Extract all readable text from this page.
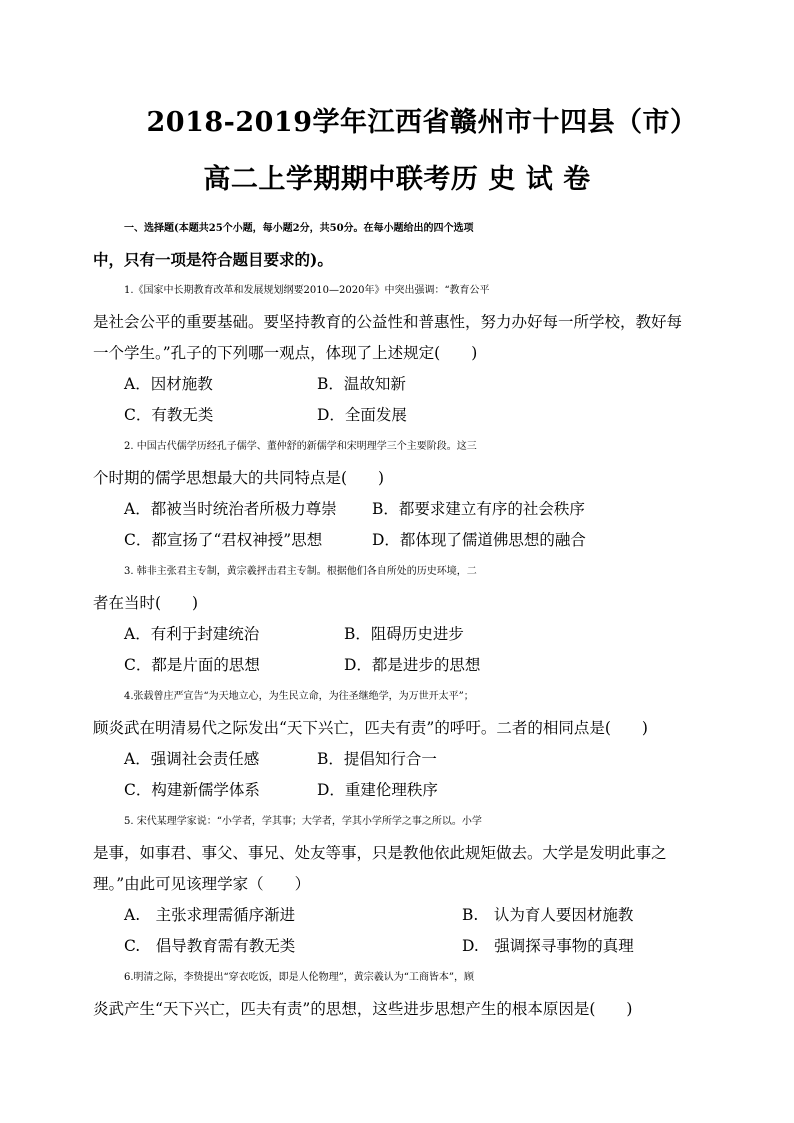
2018-2019学年江西省赣州市十四县（市）
高二上学期期中联考历 史 试 卷
一、选择题(本题共25个小题，每小题2分，共50分。在每小题给出的四个选项
中，只有一项是符合题目要求的)。
1.《国家中长期教育改革和发展规划纲要2010—2020年》中突出强调：“教育公平
是社会公平的重要基础。要坚持教育的公益性和普惠性，努力办好每一所学校，教好每
一个学生。”孔子的下列哪一观点，体现了上述规定(　　)
A．因材施教	B．温故知新
C．有教无类	D．全面发展
2. 中国古代儒学历经孔子儒学、董仲舒的新儒学和宋明理学三个主要阶段。这三
个时期的儒学思想最大的共同特点是(　　)
A．都被当时统治者所极力尊崇 B．都要求建立有序的社会秩序
C．都宣扬了“君权神授”思想	D．都体现了儒道佛思想的融合
3. 韩非主张君主专制，黄宗羲抨击君主专制。根据他们各自所处的历史环境，二
者在当时(　　)
A．有利于封建统治	B．阻碍历史进步
C．都是片面的思想	D．都是进步的思想
4.张载曾庄严宣告“为天地立心，为生民立命，为往圣继绝学，为万世开太平”；
顾炎武在明清易代之际发出“天下兴亡，匹夫有责”的呼吁。二者的相同点是(　　)
A．强调社会责任感	B．提倡知行合一
C．构建新儒学体系	D．重建伦理秩序
5. 宋代某理学家说：“小学者，学其事；大学者，学其小学所学之事之所以。小学
是事，如事君、事父、事兄、处友等事，只是教他依此规矩做去。大学是发明此事之
理。”由此可见该理学家（　　）
A.　主张求理需循序渐进	B.　认为育人要因材施教
C.　倡导教育需有教无类	D.　强调探寻事物的真理
6.明清之际，李贽提出“穿衣吃饭，即是人伦物理”，黄宗羲认为“工商皆本”，顾
炎武产生“天下兴亡，匹夫有责”的思想，这些进步思想产生的根本原因是(　　)
